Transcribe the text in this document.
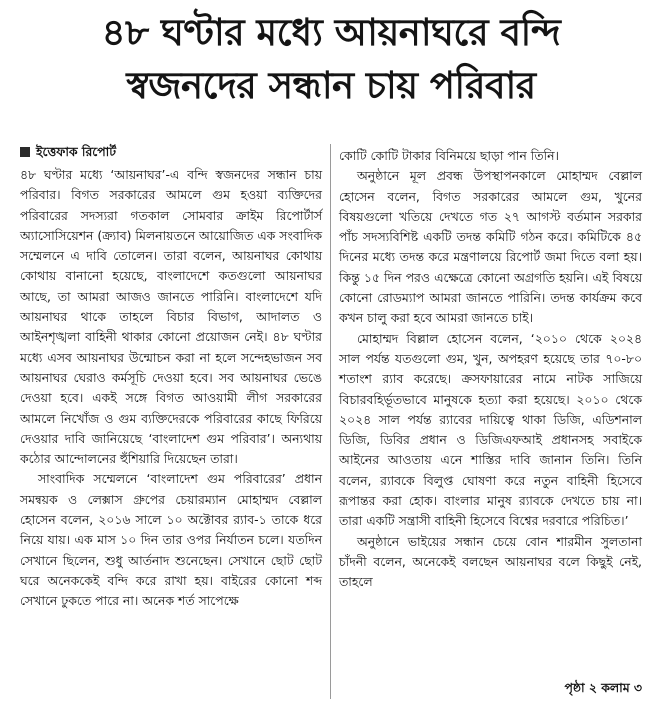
৪৮ ঘণ্টার মধ্যে আয়নাঘরে বন্দি
স্বজনদের সন্ধান চায় পরিবার
ইত্তেফাক রিপোর্ট

৪৮ ঘণ্টার মধ্যে ‘আয়নাঘর’-এ বন্দি স্বজনদের সন্ধান চায় পরিবার। বিগত সরকারের আমলে গুম হওয়া ব্যক্তিদের পরিবারের সদস্যরা গতকাল সোমবার ক্রাইম রিপোর্টার্স অ্যাসোসিয়েশন (ক্র্যাব) মিলনায়তনে আয়োজিত এক সংবাদিক সম্মেলনে এ দাবি তোলেন। তারা বলেন, আয়নাঘর কোথায় কোথায় বানানো হয়েছে, বাংলাদেশে কতগুলো আয়নাঘর আছে, তা আমরা আজও জানতে পারিনি। বাংলাদেশে যদি আয়নাঘর থাকে তাহলে বিচার বিভাগ, আদালত ও আইনশৃঙ্খলা বাহিনী থাকার কোনো প্রয়োজন নেই। ৪৮ ঘণ্টার মধ্যে এসব আয়নাঘর উন্মোচন করা না হলে সন্দেহভাজন সব আয়নাঘর ঘেরাও কর্মসূচি দেওয়া হবে। সব আয়নাঘর ভেঙে দেওয়া হবে। একই সঙ্গে বিগত আওয়ামী লীগ সরকারের আমলে নিখোঁজ ও গুম ব্যক্তিদেরকে পরিবারের কাছে ফিরিয়ে দেওয়ার দাবি জানিয়েছে ‘বাংলাদেশ গুম পরিবার’। অন্যথায় কঠোর আন্দোলনের হুঁশিয়ারি দিয়েছেন তারা।

সাংবাদিক সম্মেলনে ‘বাংলাদেশ গুম পরিবারের’ প্রধান সমন্বয়ক ও লেক্সাস গ্রুপের চেয়ারম্যান মোহাম্মদ বেল্লাল হোসেন বলেন, ২০১৬ সালে ১০ অক্টোবর র‌্যাব-১ তাকে ধরে নিয়ে যায়। এক মাস ১০ দিন তার ওপর নির্যাতন চলে। যতদিন সেখানে ছিলেন, শুধু আর্তনাদ শুনেছেন। সেখানে ছোট ছোট ঘরে অনেককেই বন্দি করে রাখা হয়। বাইরের কোনো শব্দ সেখানে ঢুকতে পারে না। অনেক শর্ত সাপেক্ষে

কোটি কোটি টাকার বিনিময়ে ছাড়া পান তিনি।

অনুষ্ঠানে মূল প্রবন্ধ উপস্থাপনকালে মোহাম্মদ বেল্লাল হোসেন বলেন, বিগত সরকারের আমলে গুম, খুনের বিষয়গুলো খতিয়ে দেখতে গত ২৭ আগস্ট বর্তমান সরকার পাঁচ সদস্যবিশিষ্ট একটি তদন্ত কমিটি গঠন করে। কমিটিকে ৪৫ দিনের মধ্যে তদন্ত করে মন্ত্রণালয়ে রিপোর্ট জমা দিতে বলা হয়। কিন্তু ১৫ দিন পরও এক্ষেত্রে কোনো অগ্রগতি হয়নি। এই বিষয়ে কোনো রোডম্যাপ আমরা জানতে পারিনি। তদন্ত কার্যক্রম কবে কখন চালু করা হবে আমরা জানতে চাই।

মোহাম্মদ বিল্লাল হোসেন বলেন, ‘২০১০ থেকে ২০২৪ সাল পর্যন্ত যতগুলো গুম, খুন, অপহরণ হয়েছে তার ৭০-৮০ শতাংশ র‌্যাব করেছে। ক্রসফায়ারের নামে নাটক সাজিয়ে বিচারবহির্ভূতভাবে মানুষকে হত্যা করা হয়েছে। ২০১০ থেকে ২০২৪ সাল পর্যন্ত র‌্যাবের দায়িত্বে থাকা ডিজি, এডিশনাল ডিজি, ডিবির প্রধান ও ডিজিএফআই প্রধানসহ সবাইকে আইনের আওতায় এনে শাস্তির দাবি জানান তিনি। তিনি বলেন, র‌্যাবকে বিলুপ্ত ঘোষণা করে নতুন বাহিনী হিসেবে রূপান্তর করা হোক। বাংলার মানুষ র‌্যাবকে দেখতে চায় না। তারা একটি সন্ত্রাসী বাহিনী হিসেবে বিশ্বের দরবারে পরিচিত।’

অনুষ্ঠানে ভাইয়ের সন্ধান চেয়ে বোন শারমীন সুলতানা চাঁদনী বলেন, অনেকেই বলছেন আয়নাঘর বলে কিছুই নেই, তাহলে

পৃষ্ঠা ২ কলাম ৩
